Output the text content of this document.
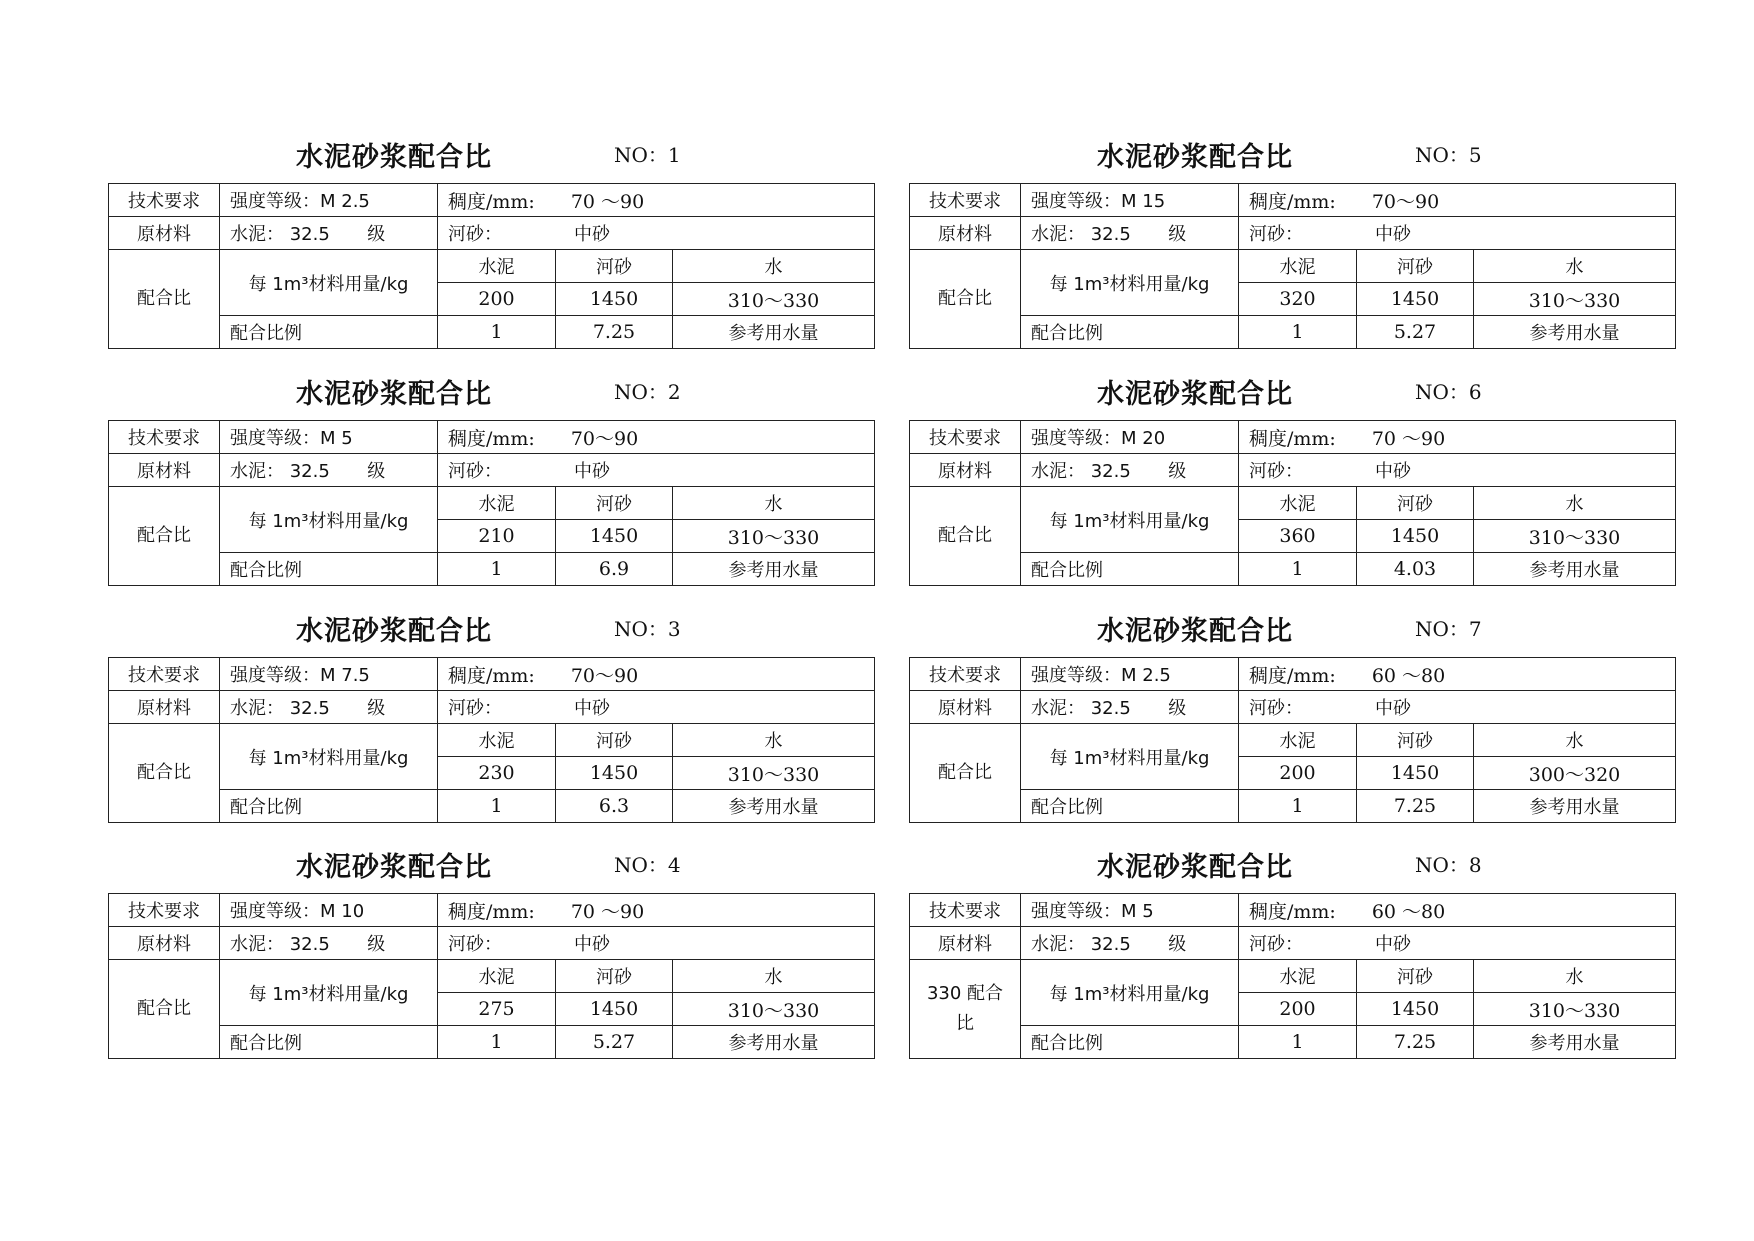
水泥砂浆配合比	NO：1
技术要求	强度等级：M 2.5	稠度/mm: 70 ～90		
原材料	水泥： 32.5 级	河砂： 中砂		
配合比	每 1m³材料用量/kg	水泥	河砂	水
		200	1450	310～330
	配合比例	1	7.25	参考用水量
水泥砂浆配合比	NO：2
技术要求	强度等级：M 5	稠度/mm: 70～90		
原材料	水泥： 32.5 级	河砂： 中砂		
配合比	每 1m³材料用量/kg	水泥	河砂	水
		210	1450	310～330
	配合比例	1	6.9	参考用水量
水泥砂浆配合比	NO：3
技术要求	强度等级：M 7.5	稠度/mm: 70～90		
原材料	水泥： 32.5 级	河砂： 中砂		
配合比	每 1m³材料用量/kg	水泥	河砂	水
		230	1450	310～330
	配合比例	1	6.3	参考用水量
水泥砂浆配合比	NO：4
技术要求	强度等级：M 10	稠度/mm: 70 ～90		
原材料	水泥： 32.5 级	河砂： 中砂		
配合比	每 1m³材料用量/kg	水泥	河砂	水
		275	1450	310～330
	配合比例	1	5.27	参考用水量
水泥砂浆配合比	NO：5
技术要求	强度等级：M 15	稠度/mm: 70～90		
原材料	水泥： 32.5 级	河砂： 中砂		
配合比	每 1m³材料用量/kg	水泥	河砂	水
		320	1450	310～330
	配合比例	1	5.27	参考用水量
水泥砂浆配合比	NO：6
技术要求	强度等级：M 20	稠度/mm: 70 ～90		
原材料	水泥： 32.5 级	河砂： 中砂		
配合比	每 1m³材料用量/kg	水泥	河砂	水
		360	1450	310～330
	配合比例	1	4.03	参考用水量
水泥砂浆配合比	NO：7
技术要求	强度等级：M 2.5	稠度/mm: 60 ～80		
原材料	水泥： 32.5 级	河砂： 中砂		
配合比	每 1m³材料用量/kg	水泥	河砂	水
		200	1450	300～320
	配合比例	1	7.25	参考用水量
水泥砂浆配合比	NO：8
技术要求	强度等级：M 5	稠度/mm: 60 ～80		
原材料	水泥： 32.5 级	河砂： 中砂		
330 配合比	每 1m³材料用量/kg	水泥	河砂	水
		200	1450	310～330
	配合比例	1	7.25	参考用水量
